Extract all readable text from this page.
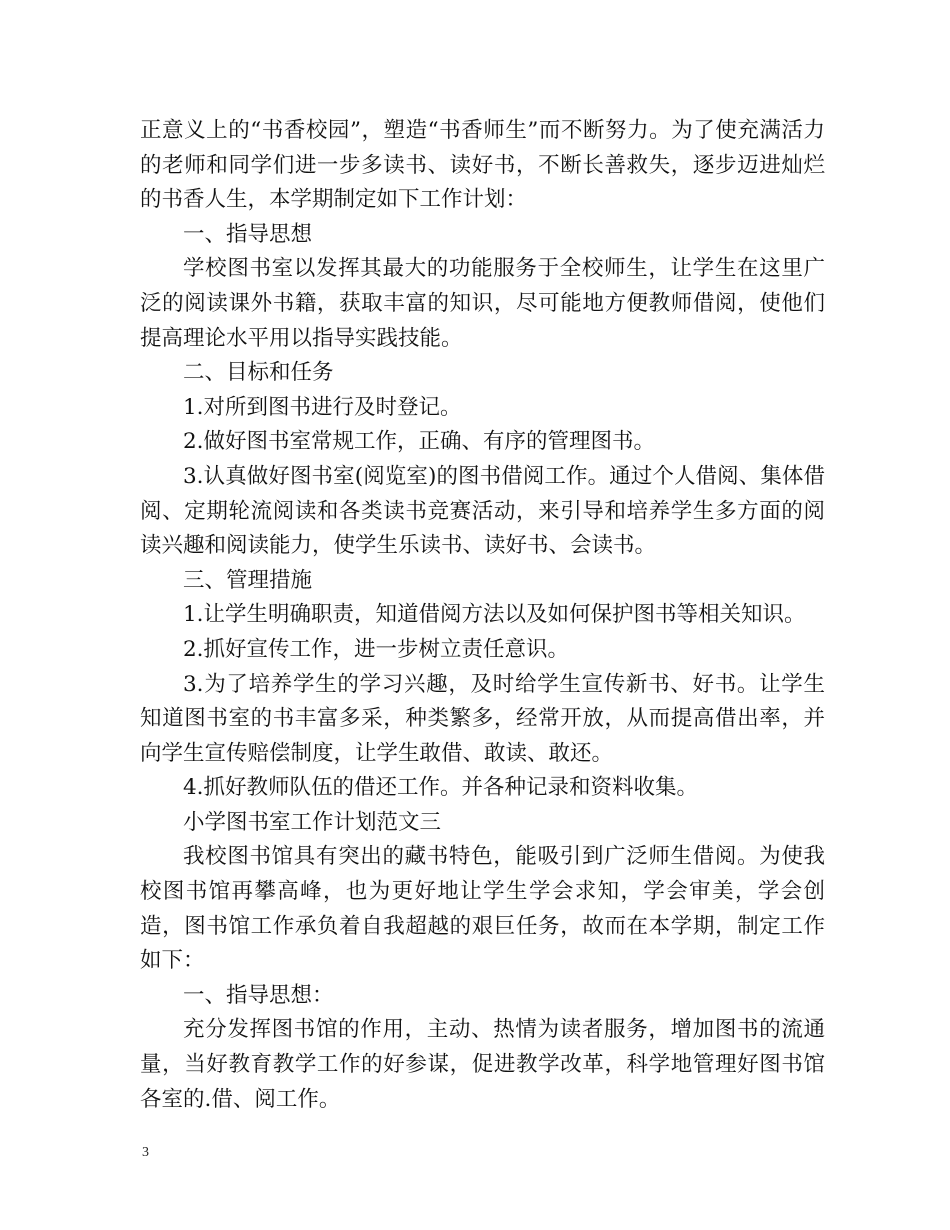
正意义上的“书香校园”，塑造“书香师生”而不断努力。为了使充满活力的老师和同学们进一步多读书、读好书，不断长善救失，逐步迈进灿烂的书香人生，本学期制定如下工作计划：

一、指导思想

学校图书室以发挥其最大的功能服务于全校师生，让学生在这里广泛的阅读课外书籍，获取丰富的知识，尽可能地方便教师借阅，使他们提高理论水平用以指导实践技能。

二、目标和任务

1.对所到图书进行及时登记。

2.做好图书室常规工作，正确、有序的管理图书。

3.认真做好图书室(阅览室)的图书借阅工作。通过个人借阅、集体借阅、定期轮流阅读和各类读书竞赛活动，来引导和培养学生多方面的阅读兴趣和阅读能力，使学生乐读书、读好书、会读书。

三、管理措施

1.让学生明确职责，知道借阅方法以及如何保护图书等相关知识。

2.抓好宣传工作，进一步树立责任意识。

3.为了培养学生的学习兴趣，及时给学生宣传新书、好书。让学生知道图书室的书丰富多采，种类繁多，经常开放，从而提高借出率，并向学生宣传赔偿制度，让学生敢借、敢读、敢还。

4.抓好教师队伍的借还工作。并各种记录和资料收集。

小学图书室工作计划范文三

我校图书馆具有突出的藏书特色，能吸引到广泛师生借阅。为使我校图书馆再攀高峰，也为更好地让学生学会求知，学会审美，学会创造，图书馆工作承负着自我超越的艰巨任务，故而在本学期，制定工作如下：

一、指导思想：

充分发挥图书馆的作用，主动、热情为读者服务，增加图书的流通量，当好教育教学工作的好参谋，促进教学改革，科学地管理好图书馆各室的.借、阅工作。

3
